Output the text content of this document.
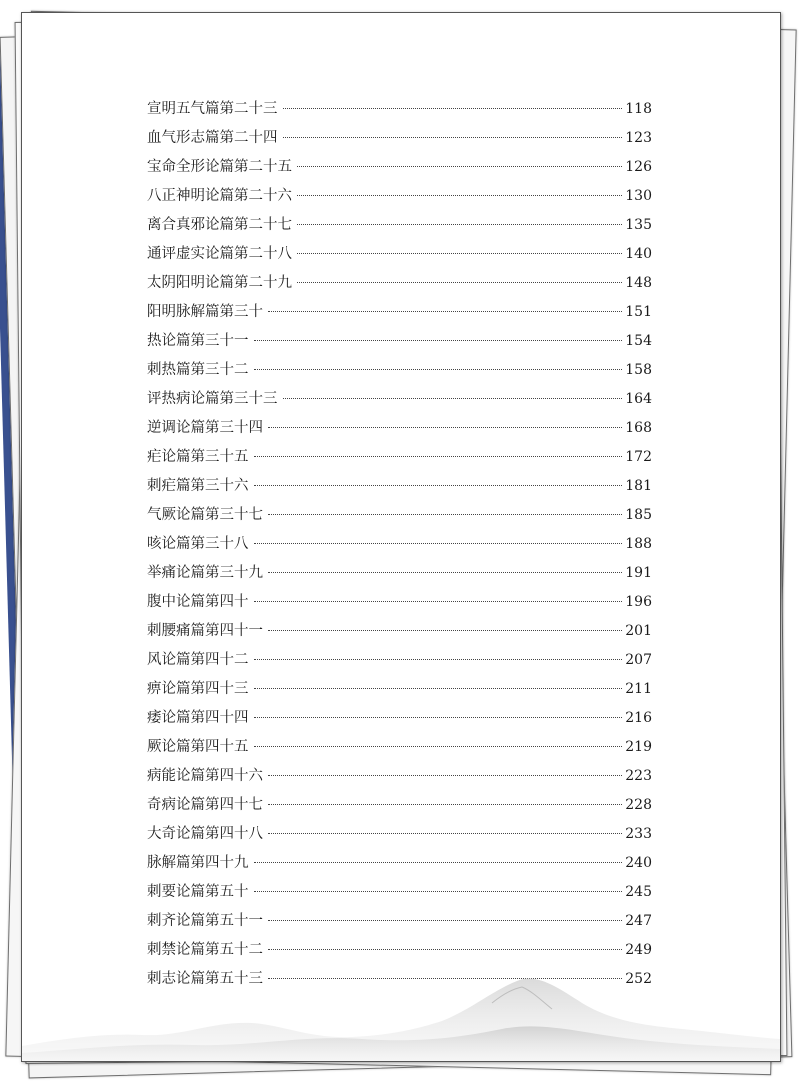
宣明五气篇第二十三	118
血气形志篇第二十四	123
宝命全形论篇第二十五	126
八正神明论篇第二十六	130
离合真邪论篇第二十七	135
通评虚实论篇第二十八	140
太阴阳明论篇第二十九	148
阳明脉解篇第三十	151
热论篇第三十一	154
刺热篇第三十二	158
评热病论篇第三十三	164
逆调论篇第三十四	168
疟论篇第三十五	172
刺疟篇第三十六	181
气厥论篇第三十七	185
咳论篇第三十八	188
举痛论篇第三十九	191
腹中论篇第四十	196
刺腰痛篇第四十一	201
风论篇第四十二	207
痹论篇第四十三	211
痿论篇第四十四	216
厥论篇第四十五	219
病能论篇第四十六	223
奇病论篇第四十七	228
大奇论篇第四十八	233
脉解篇第四十九	240
刺要论篇第五十	245
刺齐论篇第五十一	247
刺禁论篇第五十二	249
刺志论篇第五十三	252
